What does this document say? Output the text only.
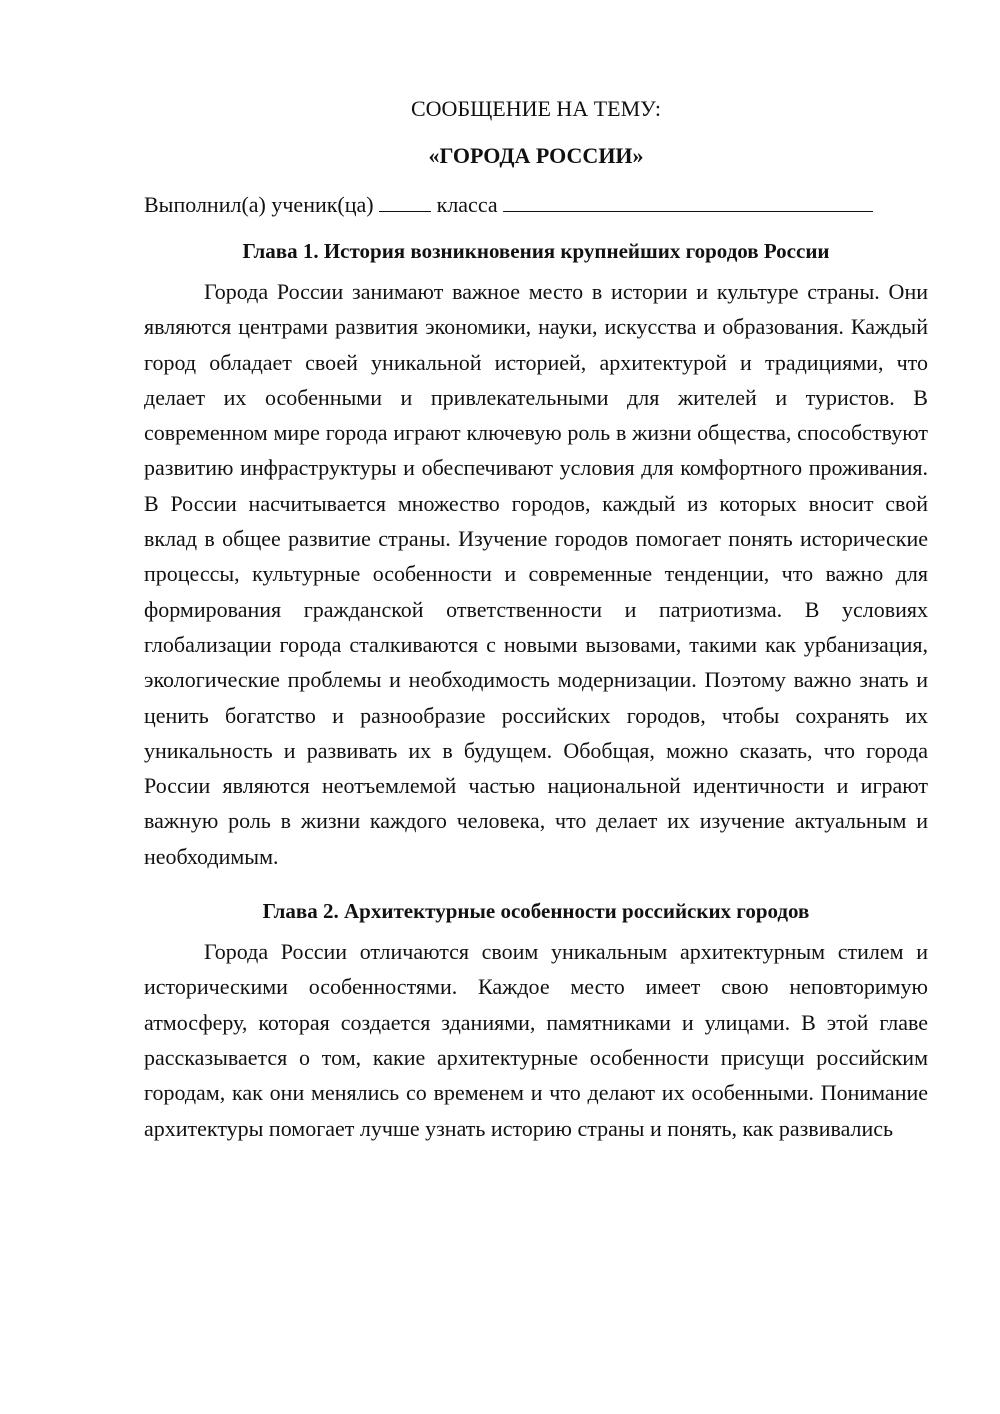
СООБЩЕНИЕ НА ТЕМУ:

«ГОРОДА РОССИИ»

Выполнил(а) ученик(ца)	класса
Глава 1. История возникновения крупнейших городов России

Города России занимают важное место в истории и культуре страны. Они являются центрами развития экономики, науки, искусства и образования. Каждый город обладает своей уникальной историей, архитектурой и традициями, что делает их особенными и привлекательными для жителей и туристов. В современном мире города играют ключевую роль в жизни общества, способствуют развитию инфраструктуры и обеспечивают условия для комфортного проживания. В России насчитывается множество городов, каждый из которых вносит свой вклад в общее развитие страны. Изучение городов помогает понять исторические процессы, культурные особенности и современные тенденции, что важно для формирования гражданской ответственности и патриотизма. В условиях глобализации города сталкиваются с новыми вызовами, такими как урбанизация, экологические проблемы и необходимость модернизации. Поэтому важно знать и ценить богатство и разнообразие российских городов, чтобы сохранять их уникальность и развивать их в будущем. Обобщая, можно сказать, что города России являются неотъемлемой частью национальной идентичности и играют важную роль в жизни каждого человека, что делает их изучение актуальным и необходимым.

Глава 2. Архитектурные особенности российских городов

Города России отличаются своим уникальным архитектурным стилем и историческими особенностями. Каждое место имеет свою неповторимую атмосферу, которая создается зданиями, памятниками и улицами. В этой главе рассказывается о том, какие архитектурные особенности присущи российским городам, как они менялись со временем и что делают их особенными. Понимание архитектуры помогает лучше узнать историю страны и понять, как развивались
